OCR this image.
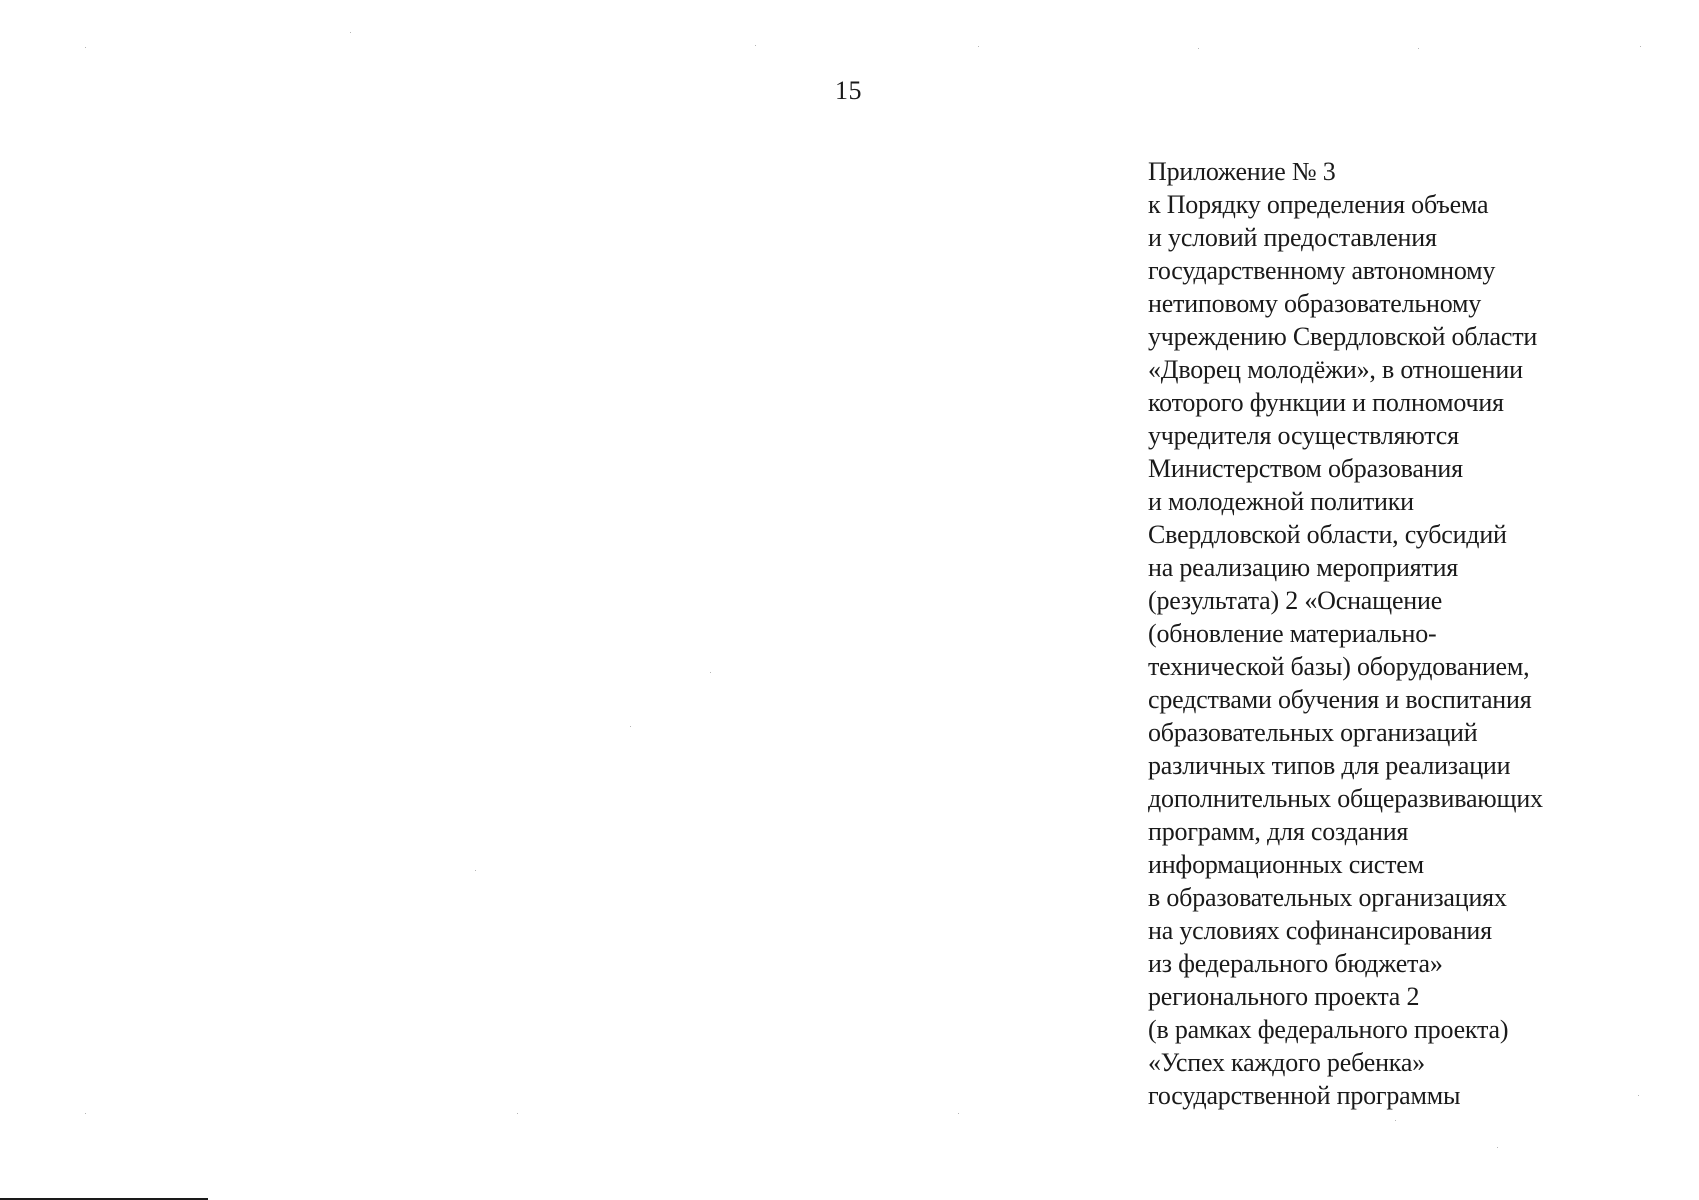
15
Приложение № 3
к Порядку определения объема
и условий предоставления
государственному автономному
нетиповому образовательному
учреждению Свердловской области
«Дворец молодёжи», в отношении
которого функции и полномочия
учредителя осуществляются
Министерством образования
и молодежной политики
Свердловской области, субсидий
на реализацию мероприятия
(результата) 2 «Оснащение
(обновление материально-
технической базы) оборудованием,
средствами обучения и воспитания
образовательных организаций
различных типов для реализации
дополнительных общеразвивающих
программ, для создания
информационных систем
в образовательных организациях
на условиях софинансирования
из федерального бюджета»
регионального проекта 2
(в рамках федерального проекта)
«Успех каждого ребенка»
государственной программы
